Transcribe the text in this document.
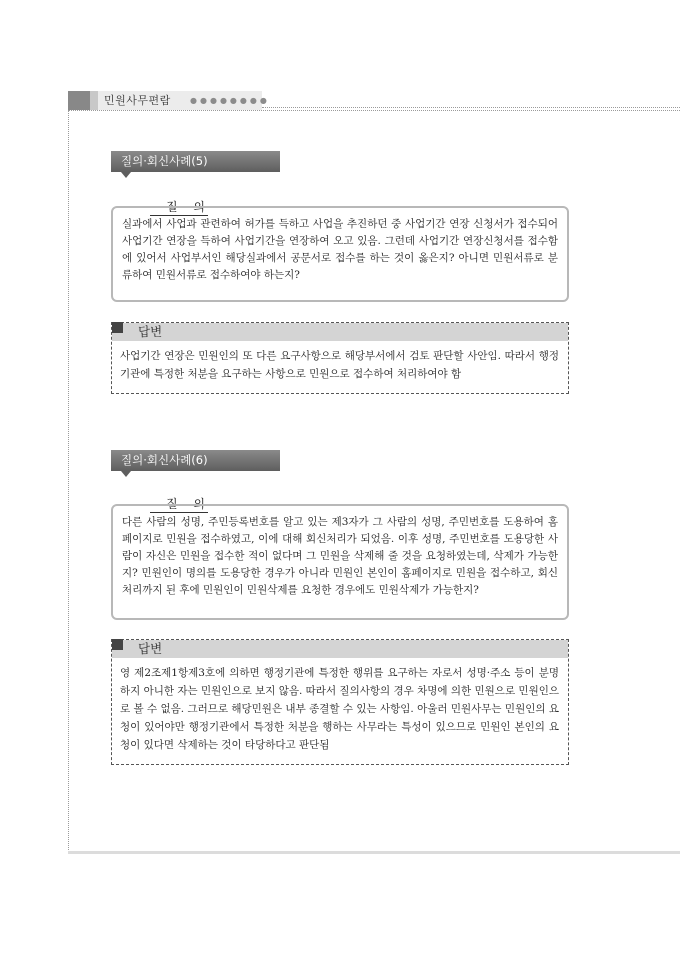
민원사무편람 ●●●●●●●●
질의·회신사례(5)
질 의
실과에서 사업과 관련하여 허가를 득하고 사업을 추진하던 중 사업기간 연장 신청서가 접수되어 사업기간 연장을 득하여 사업기간을 연장하여 오고 있음. 그런데 사업기간 연장신청서를 접수함에 있어서 사업부서인 해당실과에서 공문서로 접수를 하는 것이 옳은지? 아니면 민원서류로 분류하여 민원서류로 접수하여야 하는지?
답변
사업기간 연장은 민원인의 또 다른 요구사항으로 해당부서에서 검토 판단할 사안임. 따라서 행정기관에 특정한 처분을 요구하는 사항으로 민원으로 접수하여 처리하여야 함
질의·회신사례(6)
질 의
다른 사람의 성명, 주민등록번호를 알고 있는 제3자가 그 사람의 성명, 주민번호를 도용하여 홈페이지로 민원을 접수하였고, 이에 대해 회신처리가 되었음. 이후 성명, 주민번호를 도용당한 사람이 자신은 민원을 접수한 적이 없다며 그 민원을 삭제해 줄 것을 요청하였는데, 삭제가 가능한지? 민원인이 명의를 도용당한 경우가 아니라 민원인 본인이 홈페이지로 민원을 접수하고, 회신처리까지 된 후에 민원인이 민원삭제를 요청한 경우에도 민원삭제가 가능한지?
답변
영 제2조제1항제3호에 의하면 행정기관에 특정한 행위를 요구하는 자로서 성명·주소 등이 분명하지 아니한 자는 민원인으로 보지 않음. 따라서 질의사항의 경우 차명에 의한 민원으로 민원인으로 볼 수 없음. 그러므로 해당민원은 내부 종결할 수 있는 사항임. 아울러 민원사무는 민원인의 요청이 있어야만 행정기관에서 특정한 처분을 행하는 사무라는 특성이 있으므로 민원인 본인의 요청이 있다면 삭제하는 것이 타당하다고 판단됨
